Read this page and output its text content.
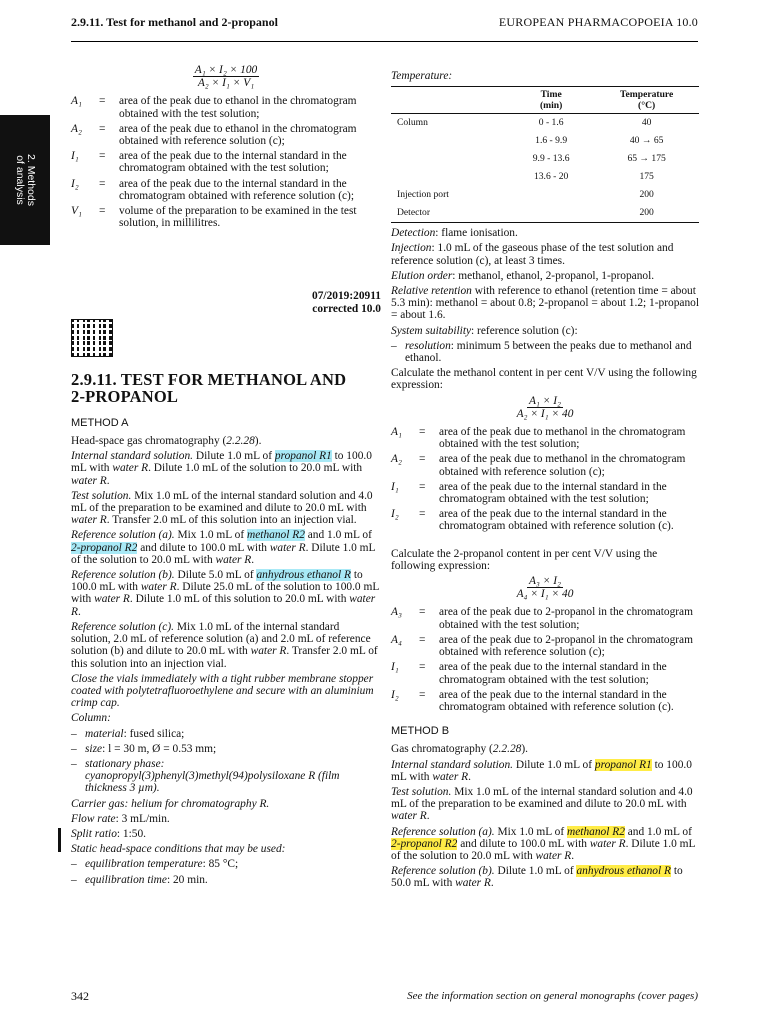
2.9.11. Test for methanol and 2-propanol	EUROPEAN PHARMACOPOEIA 10.0
2. Methods
of analysis
A₁ × I₂ × 100
A₂ × I₁ × V₁
A₁	=	area of the peak due to ethanol in the chromatogram obtained with the test solution;
A₂	=	area of the peak due to ethanol in the chromatogram obtained with reference solution (c);
I₁	=	area of the peak due to the internal standard in the chromatogram obtained with the test solution;
I₂	=	area of the peak due to the internal standard in the chromatogram obtained with reference solution (c);
V₁	=	volume of the preparation to be examined in the test solution, in millilitres.
07/2019:20911
corrected 10.0
2.9.11. TEST FOR METHANOL AND
2-PROPANOL
METHOD A

Head-space gas chromatography (2.2.28).

Internal standard solution. Dilute 1.0 mL of propanol R1 to 100.0 mL with water R. Dilute 1.0 mL of the solution to 20.0 mL with water R.

Test solution. Mix 1.0 mL of the internal standard solution and 4.0 mL of the preparation to be examined and dilute to 20.0 mL with water R. Transfer 2.0 mL of this solution into an injection vial.

Reference solution (a). Mix 1.0 mL of methanol R2 and 1.0 mL of 2-propanol R2 and dilute to 100.0 mL with water R. Dilute 1.0 mL of the solution to 20.0 mL with water R.

Reference solution (b). Dilute 5.0 mL of anhydrous ethanol R to 100.0 mL with water R. Dilute 25.0 mL of the solution to 100.0 mL with water R. Dilute 1.0 mL of this solution to 20.0 mL with water R.

Reference solution (c). Mix 1.0 mL of the internal standard solution, 2.0 mL of reference solution (a) and 2.0 mL of reference solution (b) and dilute to 20.0 mL with water R. Transfer 2.0 mL of this solution into an injection vial.

Close the vials immediately with a tight rubber membrane stopper coated with polytetrafluoroethylene and secure with an aluminium crimp cap.

Column:

– material: fused silica;
– size: l = 30 m, Ø = 0.53 mm;
– stationary phase: cyanopropyl(3)phenyl(3)methyl(94)polysiloxane R (film thickness 3 µm).

Carrier gas: helium for chromatography R.

Flow rate: 3 mL/min.

Split ratio: 1:50.

Static head-space conditions that may be used:

– equilibration temperature: 85 °C;
– equilibration time: 20 min.
Temperature:
	Time
(min)	Temperature
(°C)
Column	0 - 1.6	40
	1.6 - 9.9	40 → 65
	9.9 - 13.6	65 → 175
	13.6 - 20	175
Injection port		200
Detector		200

Detection: flame ionisation.

Injection: 1.0 mL of the gaseous phase of the test solution and reference solution (c), at least 3 times.

Elution order: methanol, ethanol, 2-propanol, 1-propanol.

Relative retention with reference to ethanol (retention time = about 5.3 min): methanol = about 0.8; 2-propanol = about 1.2; 1-propanol = about 1.6.

System suitability: reference solution (c):

– resolution: minimum 5 between the peaks due to methanol and ethanol.

Calculate the methanol content in per cent V/V using the following expression:

A₁ × I₂
A₂ × I₁ × 40
A₁	=	area of the peak due to methanol in the chromatogram obtained with the test solution;
A₂	=	area of the peak due to methanol in the chromatogram obtained with reference solution (c);
I₁	=	area of the peak due to the internal standard in the chromatogram obtained with the test solution;
I₂	=	area of the peak due to the internal standard in the chromatogram obtained with reference solution (c).

Calculate the 2-propanol content in per cent V/V using the following expression:

A₃ × I₂
A₄ × I₁ × 40
A₃	=	area of the peak due to 2-propanol in the chromatogram obtained with the test solution;
A₄	=	area of the peak due to 2-propanol in the chromatogram obtained with reference solution (c);
I₁	=	area of the peak due to the internal standard in the chromatogram obtained with the test solution;
I₂	=	area of the peak due to the internal standard in the chromatogram obtained with reference solution (c).
METHOD B

Gas chromatography (2.2.28).

Internal standard solution. Dilute 1.0 mL of propanol R1 to 100.0 mL with water R.

Test solution. Mix 1.0 mL of the internal standard solution and 4.0 mL of the preparation to be examined and dilute to 20.0 mL with water R.

Reference solution (a). Mix 1.0 mL of methanol R2 and 1.0 mL of 2-propanol R2 and dilute to 100.0 mL with water R. Dilute 1.0 mL of the solution to 20.0 mL with water R.

Reference solution (b). Dilute 1.0 mL of anhydrous ethanol R to 50.0 mL with water R.

342	See the information section on general monographs (cover pages)
